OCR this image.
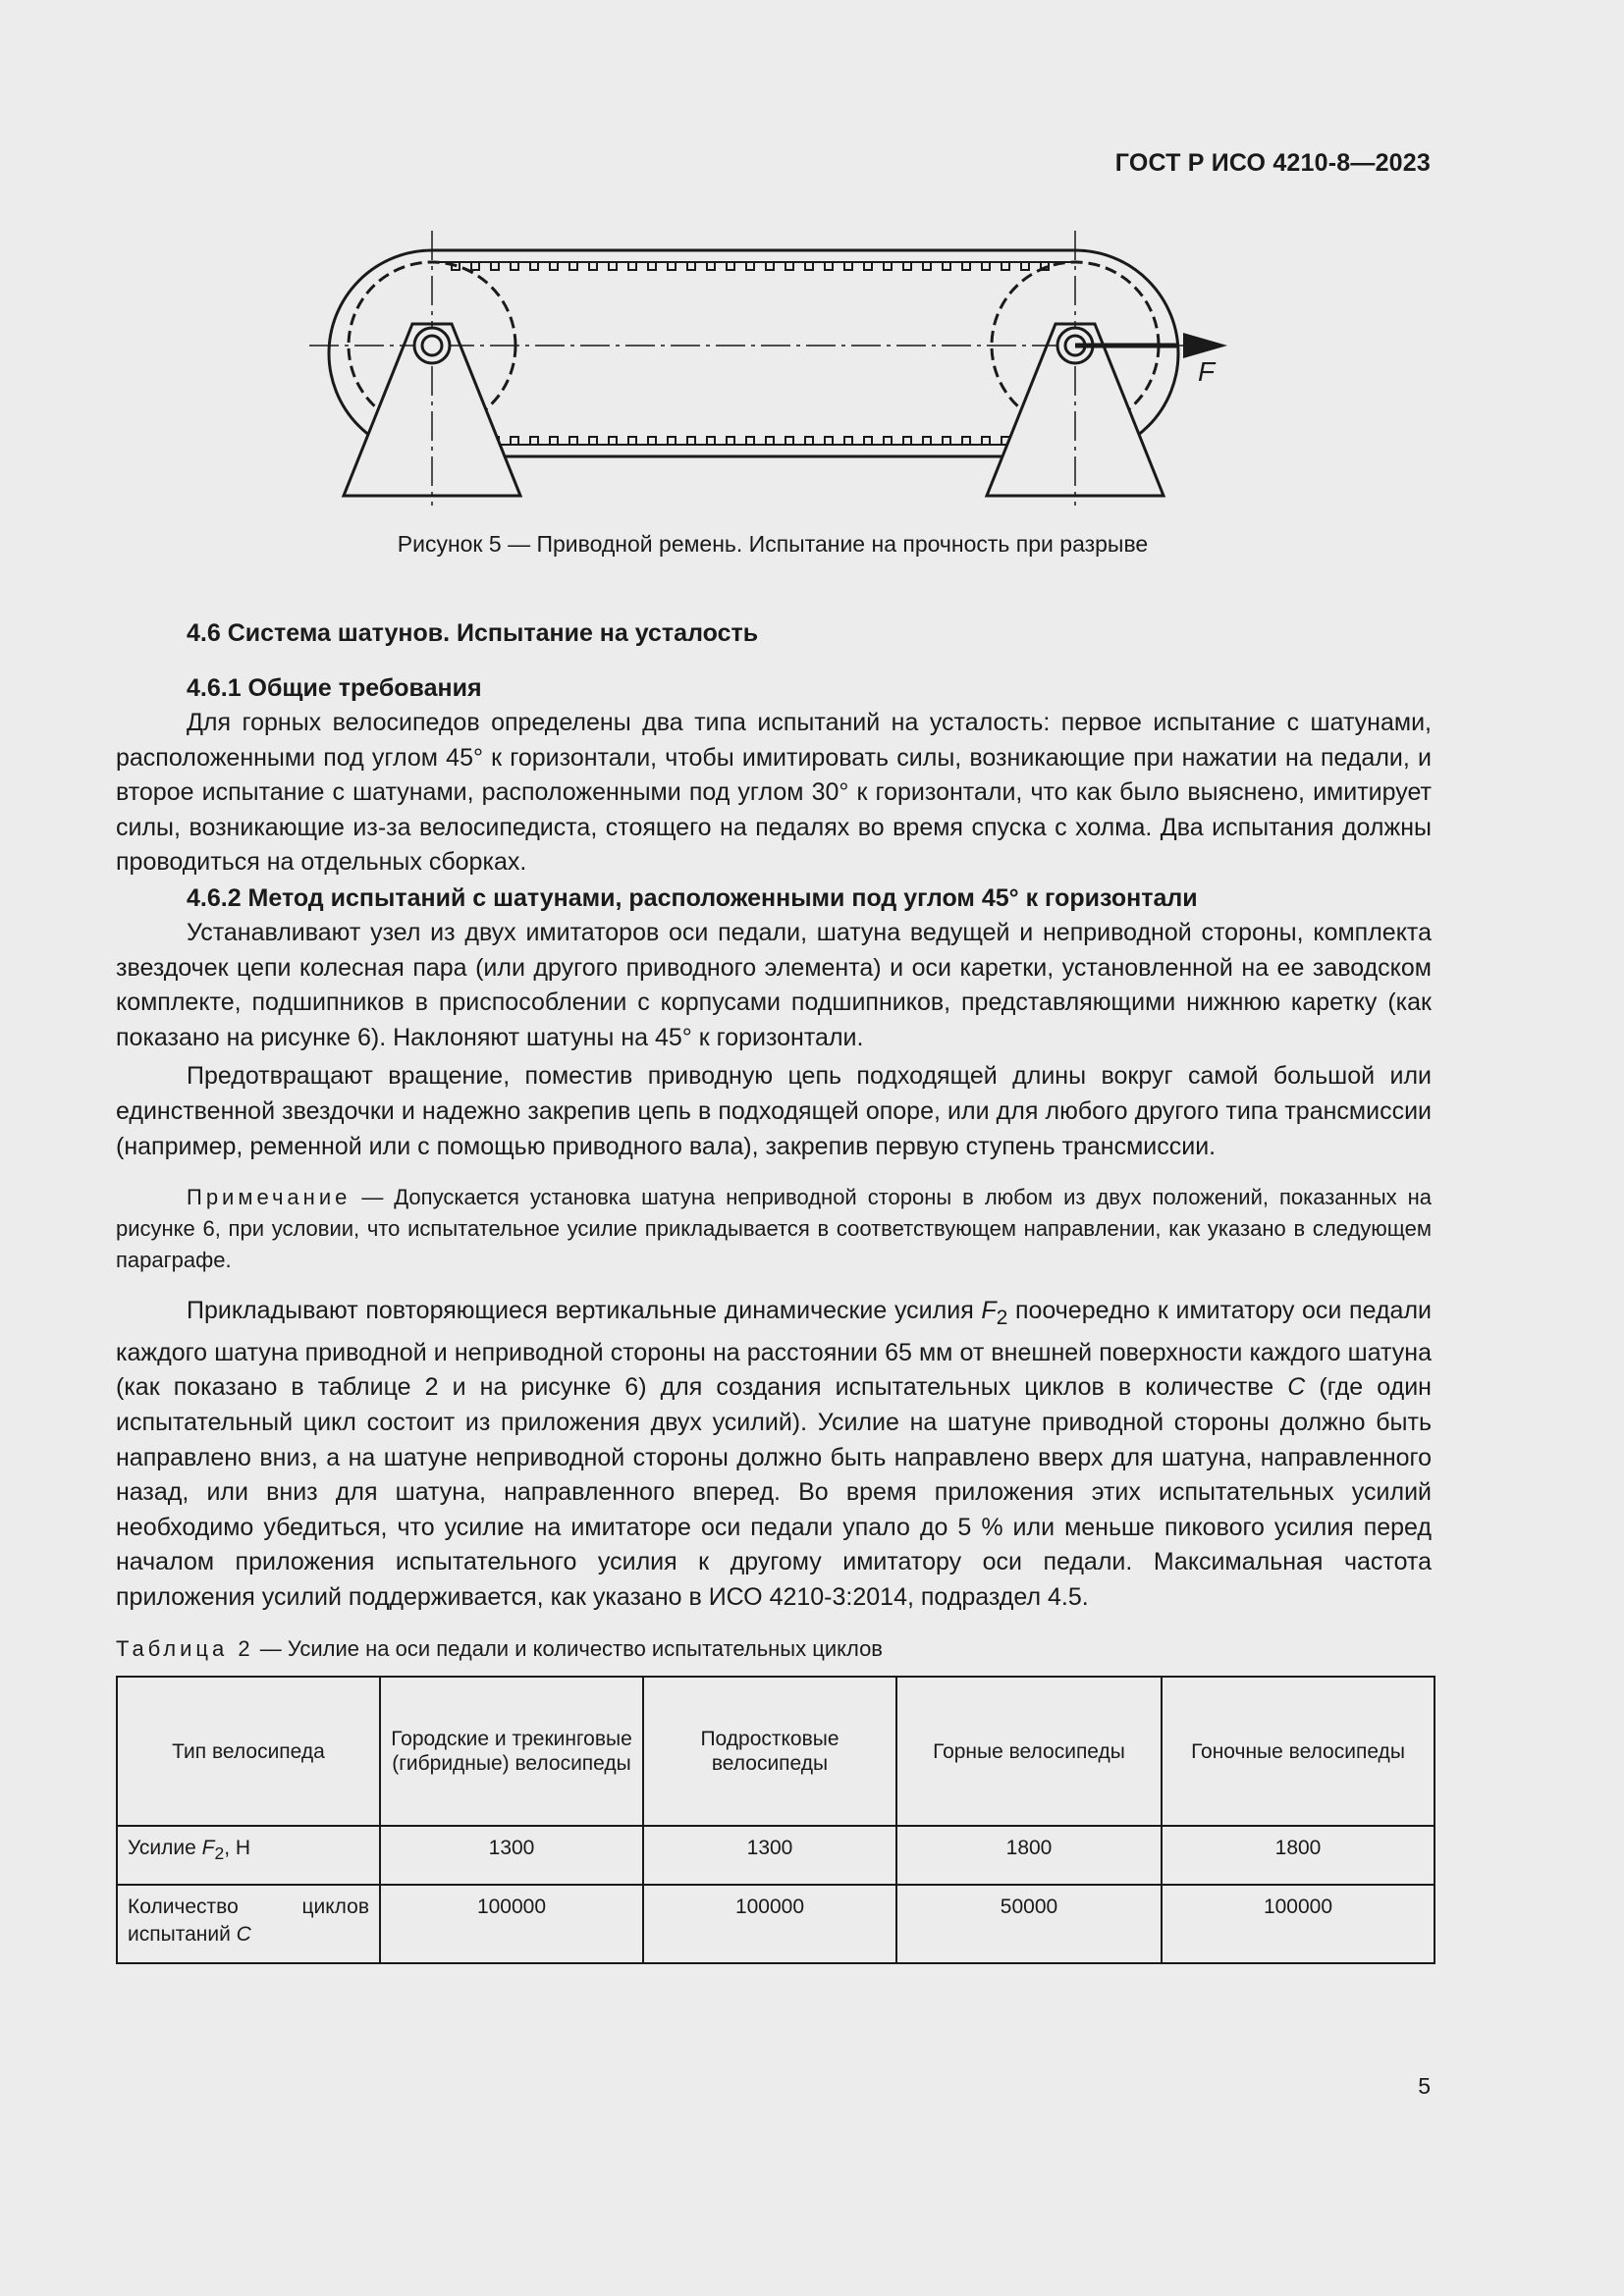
ГОСТ Р ИСО 4210-8—2023
F
Рисунок 5 — Приводной ремень. Испытание на прочность при разрыве
4.6 Система шатунов. Испытание на усталость
4.6.1 Общие требования

Для горных велосипедов определены два типа испытаний на усталость: первое испытание с шатунами, расположенными под углом 45° к горизонтали, чтобы имитировать силы, возникающие при нажатии на педали, и второе испытание с шатунами, расположенными под углом 30° к горизонтали, что как было выяснено, имитирует силы, возникающие из-за велосипедиста, стоящего на педалях во время спуска с холма. Два испытания должны проводиться на отдельных сборках.

4.6.2 Метод испытаний с шатунами, расположенными под углом 45° к горизонтали

Устанавливают узел из двух имитаторов оси педали, шатуна ведущей и неприводной стороны, комплекта звездочек цепи колесная пара (или другого приводного элемента) и оси каретки, установленной на ее заводском комплекте, подшипников в приспособлении с корпусами подшипников, представляющими нижнюю каретку (как показано на рисунке 6). Наклоняют шатуны на 45° к горизонтали.

Предотвращают вращение, поместив приводную цепь подходящей длины вокруг самой большой или единственной звездочки и надежно закрепив цепь в подходящей опоре, или для любого другого типа трансмиссии (например, ременной или с помощью приводного вала), закрепив первую ступень трансмиссии.

Примечание — Допускается установка шатуна неприводной стороны в любом из двух положений, показанных на рисунке 6, при условии, что испытательное усилие прикладывается в соответствующем направлении, как указано в следующем параграфе.

Прикладывают повторяющиеся вертикальные динамические усилия $F_2$ поочередно к имитатору оси педали каждого шатуна приводной и неприводной стороны на расстоянии 65 мм от внешней поверхности каждого шатуна (как показано в таблице 2 и на рисунке 6) для создания испытательных циклов в количестве C (где один испытательный цикл состоит из приложения двух усилий). Усилие на шатуне приводной стороны должно быть направлено вниз, а на шатуне неприводной стороны должно быть направлено вверх для шатуна, направленного назад, или вниз для шатуна, направленного вперед. Во время приложения этих испытательных усилий необходимо убедиться, что усилие на имитаторе оси педали упало до 5 % или меньше пикового усилия перед началом приложения испытательного усилия к другому имитатору оси педали. Максимальная частота приложения усилий поддерживается, как указано в ИСО 4210-3:2014, подраздел 4.5.

Таблица 2 — Усилие на оси педали и количество испытательных циклов
Тип велосипеда	Городские и трекинговые (гибридные) велосипеды	Подростковые велосипеды	Горные велосипеды	Гоночные велосипеды
Усилие $F_2$, Н	1300	1300	1800	1800
Количество циклов испытаний C	100000	100000	50000	100000
5
